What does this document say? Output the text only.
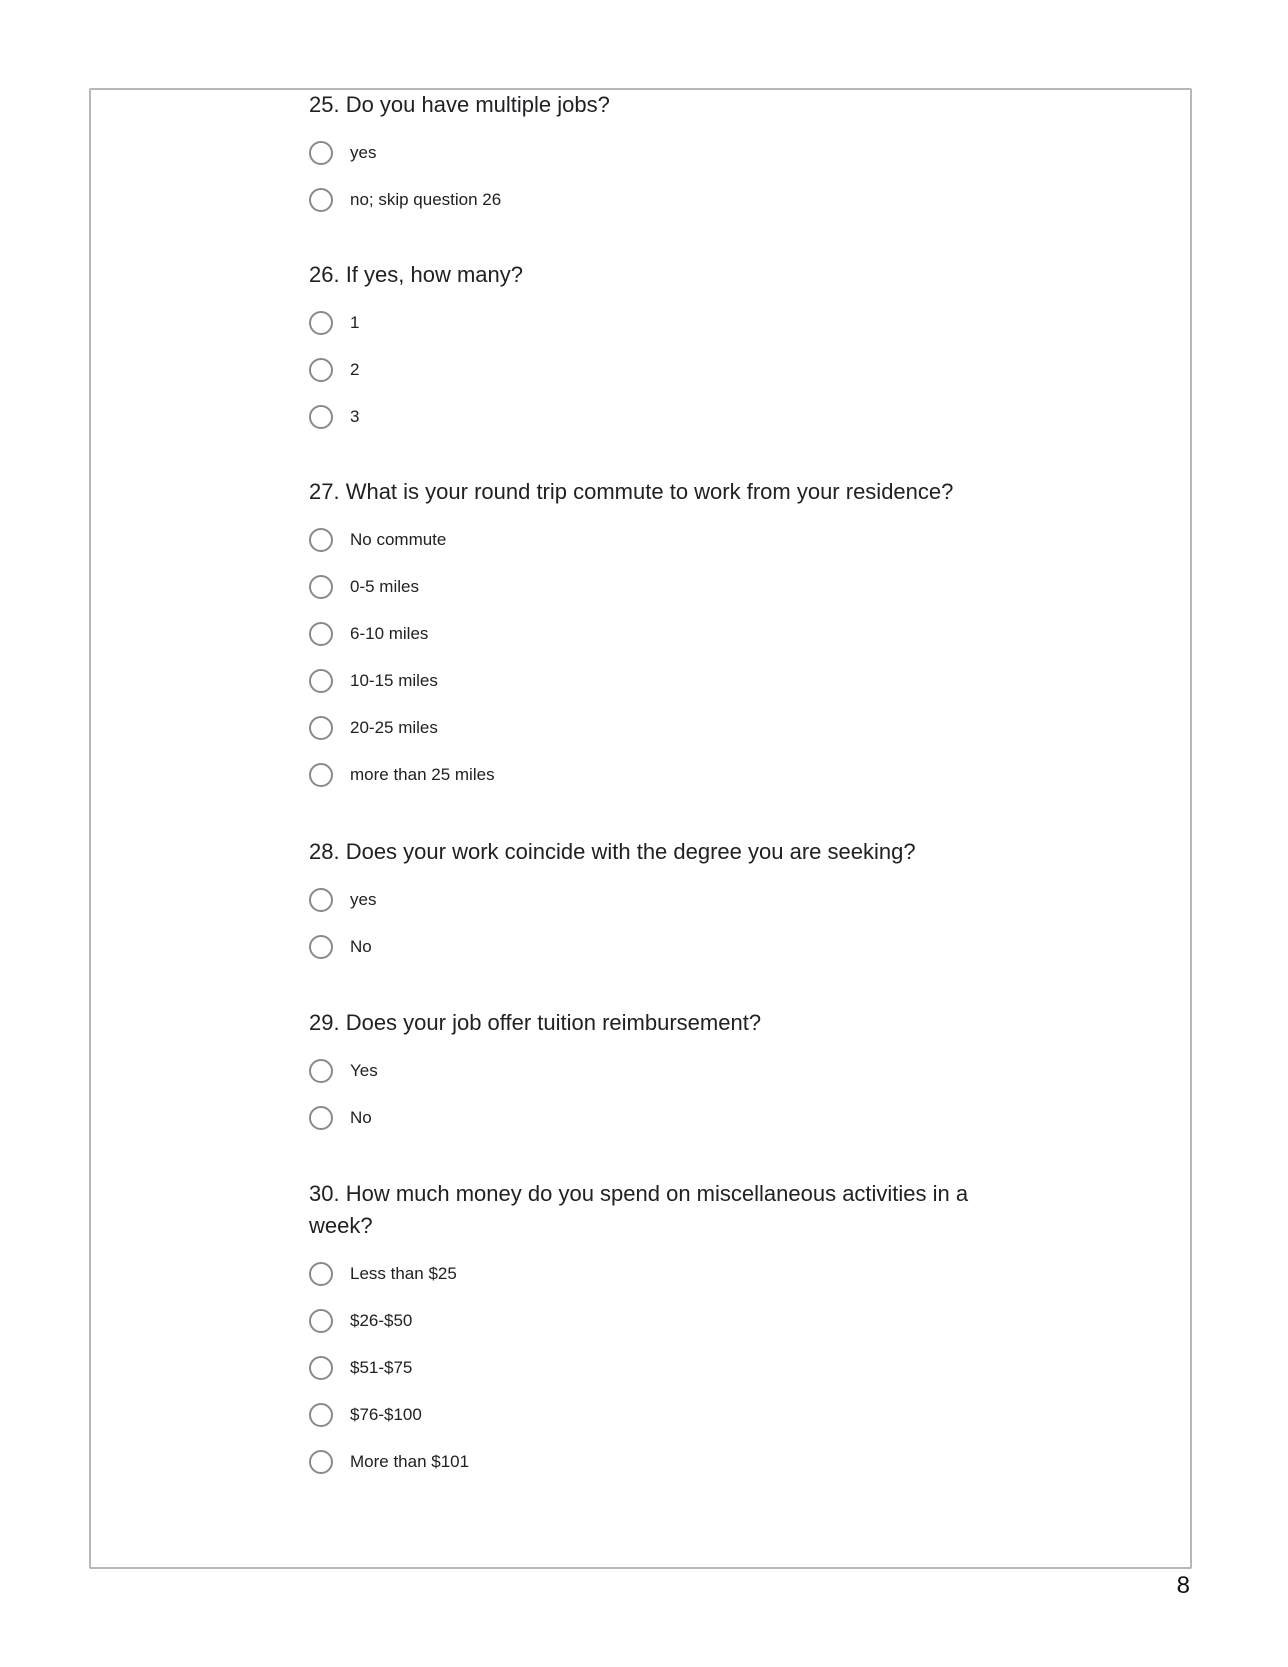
25. Do you have multiple jobs?
yes
no; skip question 26
26. If yes, how many?
1
2
3
27. What is your round trip commute to work from your residence?
No commute
0-5 miles
6-10 miles
10-15 miles
20-25 miles
more than 25 miles
28. Does your work coincide with the degree you are seeking?
yes
No
29. Does your job offer tuition reimbursement?
Yes
No
30. How much money do you spend on miscellaneous activities in a week?
Less than $25
$26-$50
$51-$75
$76-$100
More than $101
8
